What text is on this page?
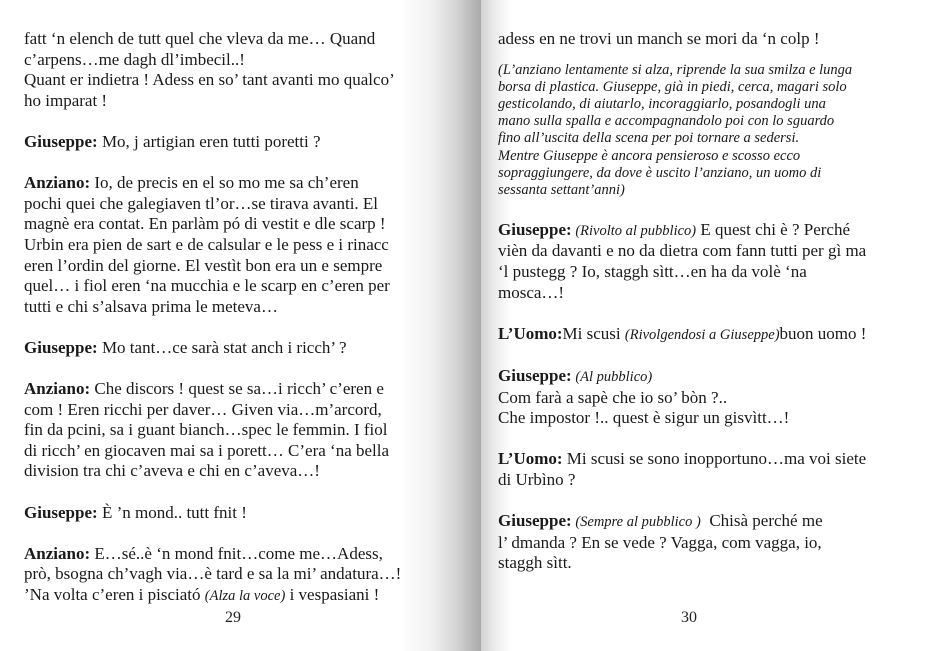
fatt ‘n elench de tutt quel che vleva da me… Quand

c’arpens…me dagh dl’imbecil..!

Quant er indietra ! Adess en so’ tant avanti mo qualco’

ho imparat !

Giuseppe: Mo, j artigian eren tutti poretti ?

Anziano: Io, de precis en el so mo me sa ch’eren

pochi quei che galegiaven tl’or…se tirava avanti. El

magnè era contat. En parlàm pó di vestit e dle scarp !

Urbin era pien de sart e de calsular e le pess e i rinacc

eren l’ordin del giorne. El vestìt bon era un e sempre

quel… i fiol eren ‘na mucchia e le scarp en c’eren per

tutti e chi s’alsava prima le meteva…

Giuseppe: Mo tant…ce sarà stat anch i ricch’ ?

Anziano: Che discors ! quest se sa…i ricch’ c’eren e

com ! Eren ricchi per daver… Given via…m’arcord,

fin da pcini, sa i guant bianch…spec le femmin. I fiol

di ricch’ en giocaven mai sa i porett… C’era ‘na bella

division tra chi c’aveva e chi en c’aveva…!

Giuseppe: È ’n mond.. tutt fnit !

Anziano: E…sé..è ‘n mond fnit…come me…Adess,

prò, bsogna ch’vagh via…è tard e sa la mi’ andatura…!

’Na volta c’eren i pisciató (Alza la voce) i vespasiani !

29

adess en ne trovi un manch se mori da ‘n colp !

(L’anziano lentamente si alza, riprende la sua smilza e lunga

borsa di plastica. Giuseppe, già in piedi, cerca, magari solo

gesticolando, di aiutarlo, incoraggiarlo, posandogli una

mano sulla spalla e accompagnandolo poi con lo sguardo

fino all’uscita della scena per poi tornare a sedersi.

Mentre Giuseppe è ancora pensieroso e scosso ecco

sopraggiungere, da dove è uscito l’anziano, un uomo di

sessanta settant’anni)

Giuseppe: (Rivolto al pubblico) E quest chi è ? Perché

vièn da davanti e no da dietra com fann tutti per gì ma

‘l pustegg ? Io, staggh sìtt…en ha da volè ‘na

mosca…!

L’Uomo:Mi scusi (Rivolgendosi a Giuseppe)buon uomo !

Giuseppe: (Al pubblico)

Com farà a sapè che io so’ bòn ?..

Che impostor !.. quest è sigur un gisvìtt…!

L’Uomo: Mi scusi se sono inopportuno…ma voi siete

di Urbìno ?

Giuseppe: (Sempre al pubblico )  Chisà perché me

l’ dmanda ? En se vede ? Vagga, com vagga, io,

staggh sìtt.

30
